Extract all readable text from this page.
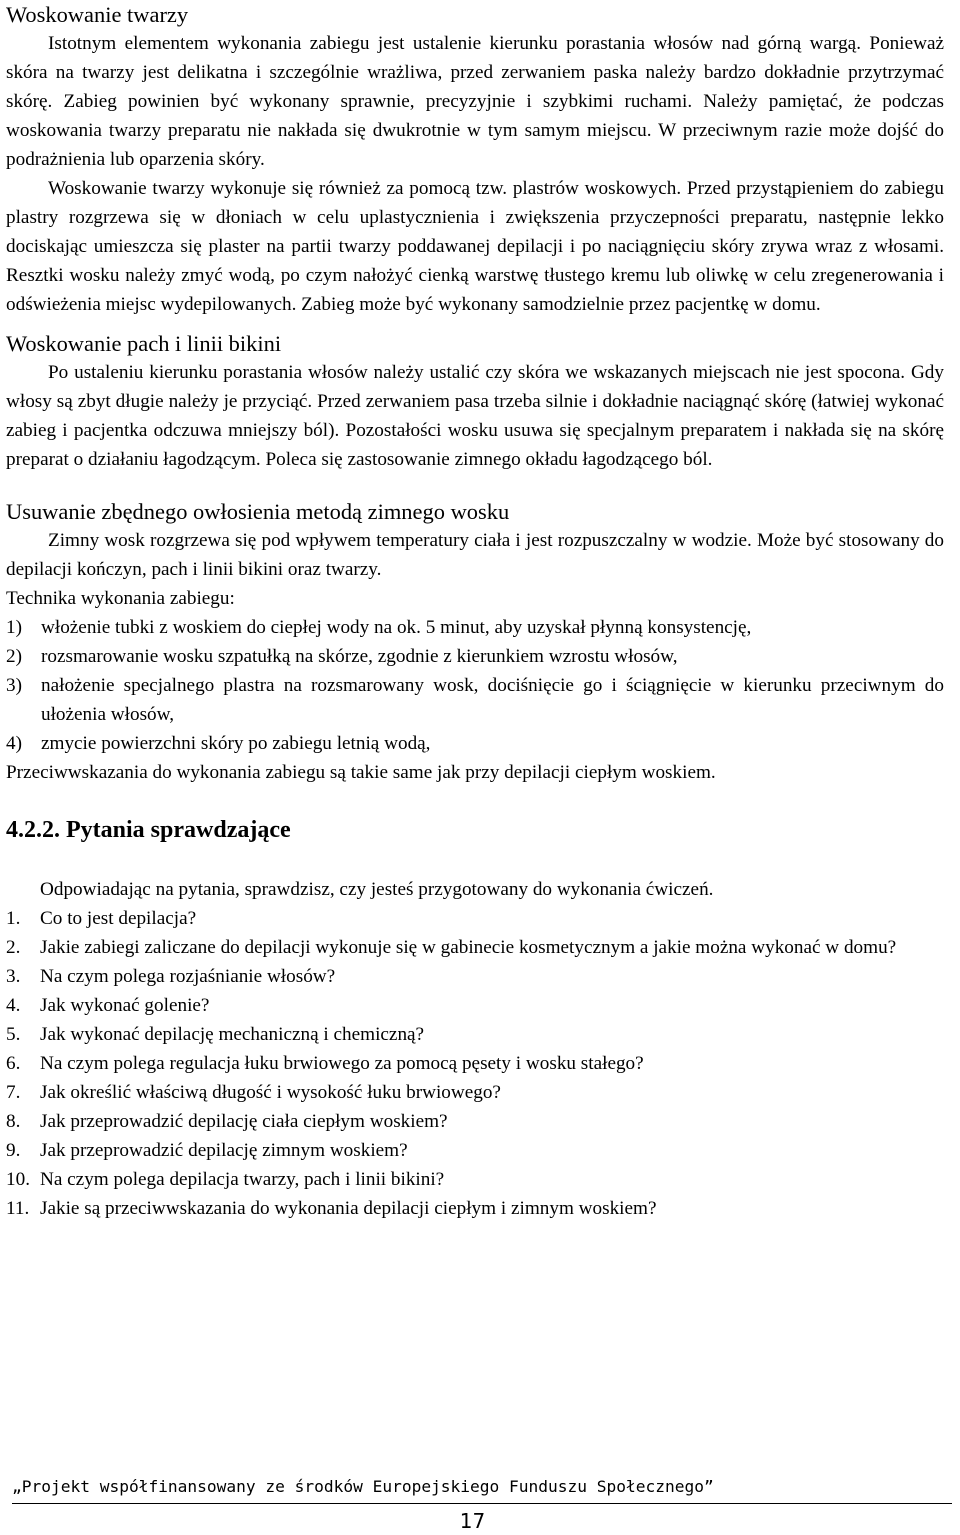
Woskowanie twarzy

Istotnym elementem wykonania zabiegu jest ustalenie kierunku porastania włosów nad górną wargą. Ponieważ skóra na twarzy jest delikatna i szczególnie wrażliwa, przed zerwaniem paska należy bardzo dokładnie przytrzymać skórę. Zabieg powinien być wykonany sprawnie, precyzyjnie i szybkimi ruchami. Należy pamiętać, że podczas woskowania twarzy preparatu nie nakłada się dwukrotnie w tym samym miejscu. W przeciwnym razie może dojść do podrażnienia lub oparzenia skóry.

Woskowanie twarzy wykonuje się również za pomocą tzw. plastrów woskowych. Przed przystąpieniem do zabiegu plastry rozgrzewa się w dłoniach w celu uplastycznienia i zwiększenia przyczepności preparatu, następnie lekko dociskając umieszcza się plaster na partii twarzy poddawanej depilacji i po naciągnięciu skóry zrywa wraz z włosami. Resztki wosku należy zmyć wodą, po czym nałożyć cienką warstwę tłustego kremu lub oliwkę w celu zregenerowania i odświeżenia miejsc wydepilowanych. Zabieg może być wykonany samodzielnie przez pacjentkę w domu.

Woskowanie pach i linii bikini

Po ustaleniu kierunku porastania włosów należy ustalić czy skóra we wskazanych miejscach nie jest spocona. Gdy włosy są zbyt długie należy je przyciąć. Przed zerwaniem pasa trzeba silnie i dokładnie naciągnąć skórę (łatwiej wykonać zabieg i pacjentka odczuwa mniejszy ból). Pozostałości wosku usuwa się specjalnym preparatem i nakłada się na skórę preparat o działaniu łagodzącym. Poleca się zastosowanie zimnego okładu łagodzącego ból.

Usuwanie zbędnego owłosienia metodą zimnego wosku

Zimny wosk rozgrzewa się pod wpływem temperatury ciała i jest rozpuszczalny w wodzie. Może być stosowany do depilacji kończyn, pach i linii bikini oraz twarzy.

Technika wykonania zabiegu:

1) włożenie tubki z woskiem do ciepłej wody na ok. 5 minut, aby uzyskał płynną konsystencję,
2) rozsmarowanie wosku szpatułką na skórze, zgodnie z kierunkiem wzrostu włosów,
3) nałożenie specjalnego plastra na rozsmarowany wosk, dociśnięcie go i ściągnięcie w kierunku przeciwnym do ułożenia włosów,
4) zmycie powierzchni skóry po zabiegu letnią wodą,

Przeciwwskazania do wykonania zabiegu są takie same jak przy depilacji ciepłym woskiem.

4.2.2. Pytania sprawdzające

Odpowiadając na pytania, sprawdzisz, czy jesteś przygotowany do wykonania ćwiczeń.

1. Co to jest depilacja?
2. Jakie zabiegi zaliczane do depilacji wykonuje się w gabinecie kosmetycznym a jakie można wykonać w domu?
3. Na czym polega rozjaśnianie włosów?
4. Jak wykonać golenie?
5. Jak wykonać depilację mechaniczną i chemiczną?
6. Na czym polega regulacja łuku brwiowego za pomocą pęsety i wosku stałego?
7. Jak określić właściwą długość i wysokość łuku brwiowego?
8. Jak przeprowadzić depilację ciała ciepłym woskiem?
9. Jak przeprowadzić depilację zimnym woskiem?
10. Na czym polega depilacja twarzy, pach i linii bikini?
11. Jakie są przeciwwskazania do wykonania depilacji ciepłym i zimnym woskiem?
„Projekt współfinansowany ze środków Europejskiego Funduszu Społecznego”
17
